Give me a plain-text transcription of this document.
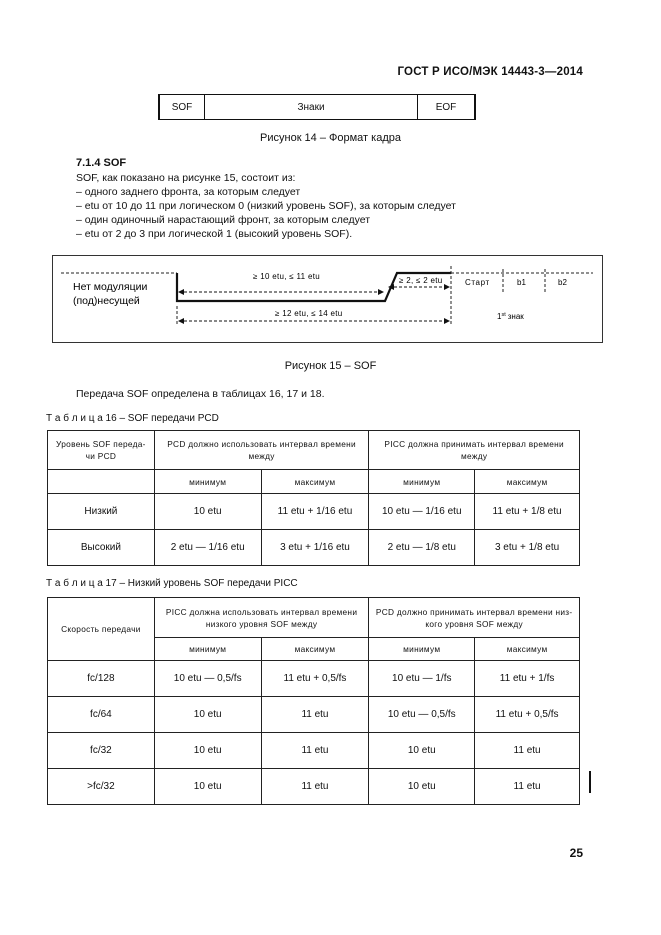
ГОСТ Р ИСО/МЭК 14443-3—2014
SOF	Знаки	EOF
Рисунок 14 – Формат кадра
7.1.4 SOF
SOF, как показано на рисунке 15, состоит из:
– одного заднего фронта, за которым следует
– etu от 10 до 11 при логическом 0 (низкий уровень SOF), за которым следует
– один одиночный нарастающий фронт, за которым следует
– etu от 2 до 3 при логической 1 (высокий уровень SOF).
Нет модуляции
(под)несущей
≥ 10 etu, ≤ 11 etu	≥ 2, ≤ 2 etu
≥ 12 etu, ≤ 14 etu
Старт	b1	b2
1st знак
Рисунок 15 – SOF
Передача SOF определена в таблицах 16, 17 и 18.
Т а б л и ц а 16 – SOF передачи PCD
Уровень SOF переда-
чи PCD	PCD должно использовать интервал времени
между		PICC должна принимать интервал времени
между	
	минимум	максимум	минимум	максимум
Низкий	10 etu	11 etu + 1/16 etu	10 etu — 1/16 etu	11 etu + 1/8 etu
Высокий	2 etu — 1/16 etu	3 etu + 1/16 etu	2 etu — 1/8 etu	3 etu + 1/8 etu
Т а б л и ц а 17 – Низкий уровень SOF передачи PICC
Скорость передачи	PICC должна использовать интервал времени
низкого уровня SOF между		PCD должно принимать интервал времени низ-
кого уровня SOF между	
	минимум	максимум	минимум	максимум
fc/128	10 etu — 0,5/fs	11 etu + 0,5/fs	10 etu — 1/fs	11 etu + 1/fs
fc/64	10 etu	11 etu	10 etu — 0,5/fs	11 etu + 0,5/fs
fc/32	10 etu	11 etu	10 etu	11 etu
>fc/32	10 etu	11 etu	10 etu	11 etu
25
